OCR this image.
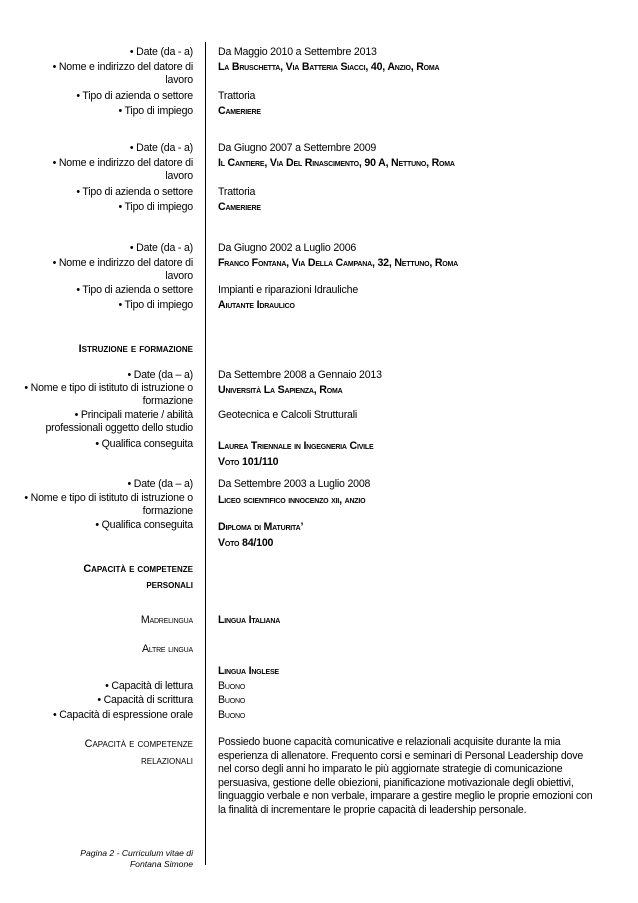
• Date (da - a) Da Maggio 2010 a Settembre 2013
• Nome e indirizzo del datore di lavoro
La Bruschetta, Via Batteria Siacci, 40, Anzio, Roma
• Tipo di azienda o settore Trattoria
• Tipo di impiego Cameriere
• Date (da - a) Da Giugno 2007 a Settembre 2009
• Nome e indirizzo del datore di lavoro
Il Cantiere, Via Del Rinascimento, 90 A, Nettuno, Roma
• Tipo di azienda o settore Trattoria
• Tipo di impiego Cameriere
• Date (da - a) Da Giugno 2002 a Luglio 2006
• Nome e indirizzo del datore di lavoro
Franco Fontana, Via Della Campana, 32, Nettuno, Roma
• Tipo di azienda o settore Impianti e riparazioni Idrauliche
• Tipo di impiego Aiutante Idraulico
Istruzione e formazione
• Date (da – a) Da Settembre 2008 a Gennaio 2013
• Nome e tipo di istituto di istruzione o formazione
Università La Sapienza, Roma
• Principali materie / abilità professionali oggetto dello studio
Geotecnica e Calcoli Strutturali
• Qualifica conseguita Laurea Triennale in Ingegneria Civile
Voto 101/110
• Date (da – a) Da Settembre 2003 a Luglio 2008
• Nome e tipo di istituto di istruzione o formazione
Liceo scientifico innocenzo xii, anzio
• Qualifica conseguita Diploma di Maturita’
Voto 84/100
Capacità e competenze personali
Madrelingua Lingua Italiana
Altre lingua
Lingua Inglese
• Capacità di lettura Buono
• Capacità di scrittura Buono
• Capacità di espressione orale Buono
Capacità e competenze relazionali
Possiedo buone capacità comunicative e relazionali acquisite durante la mia esperienza di allenatore. Frequento corsi e seminari di Personal Leadership dove nel corso degli anni ho imparato le più aggiornate strategie di comunicazione persuasiva, gestione delle obiezioni, pianificazione motivazionale degli obiettivi, linguaggio verbale e non verbale, imparare a gestire meglio le proprie emozioni con la finalità di incrementare le proprie capacità di leadership personale.
Pagina 2 - Curriculum vitae di
Fontana Simone
